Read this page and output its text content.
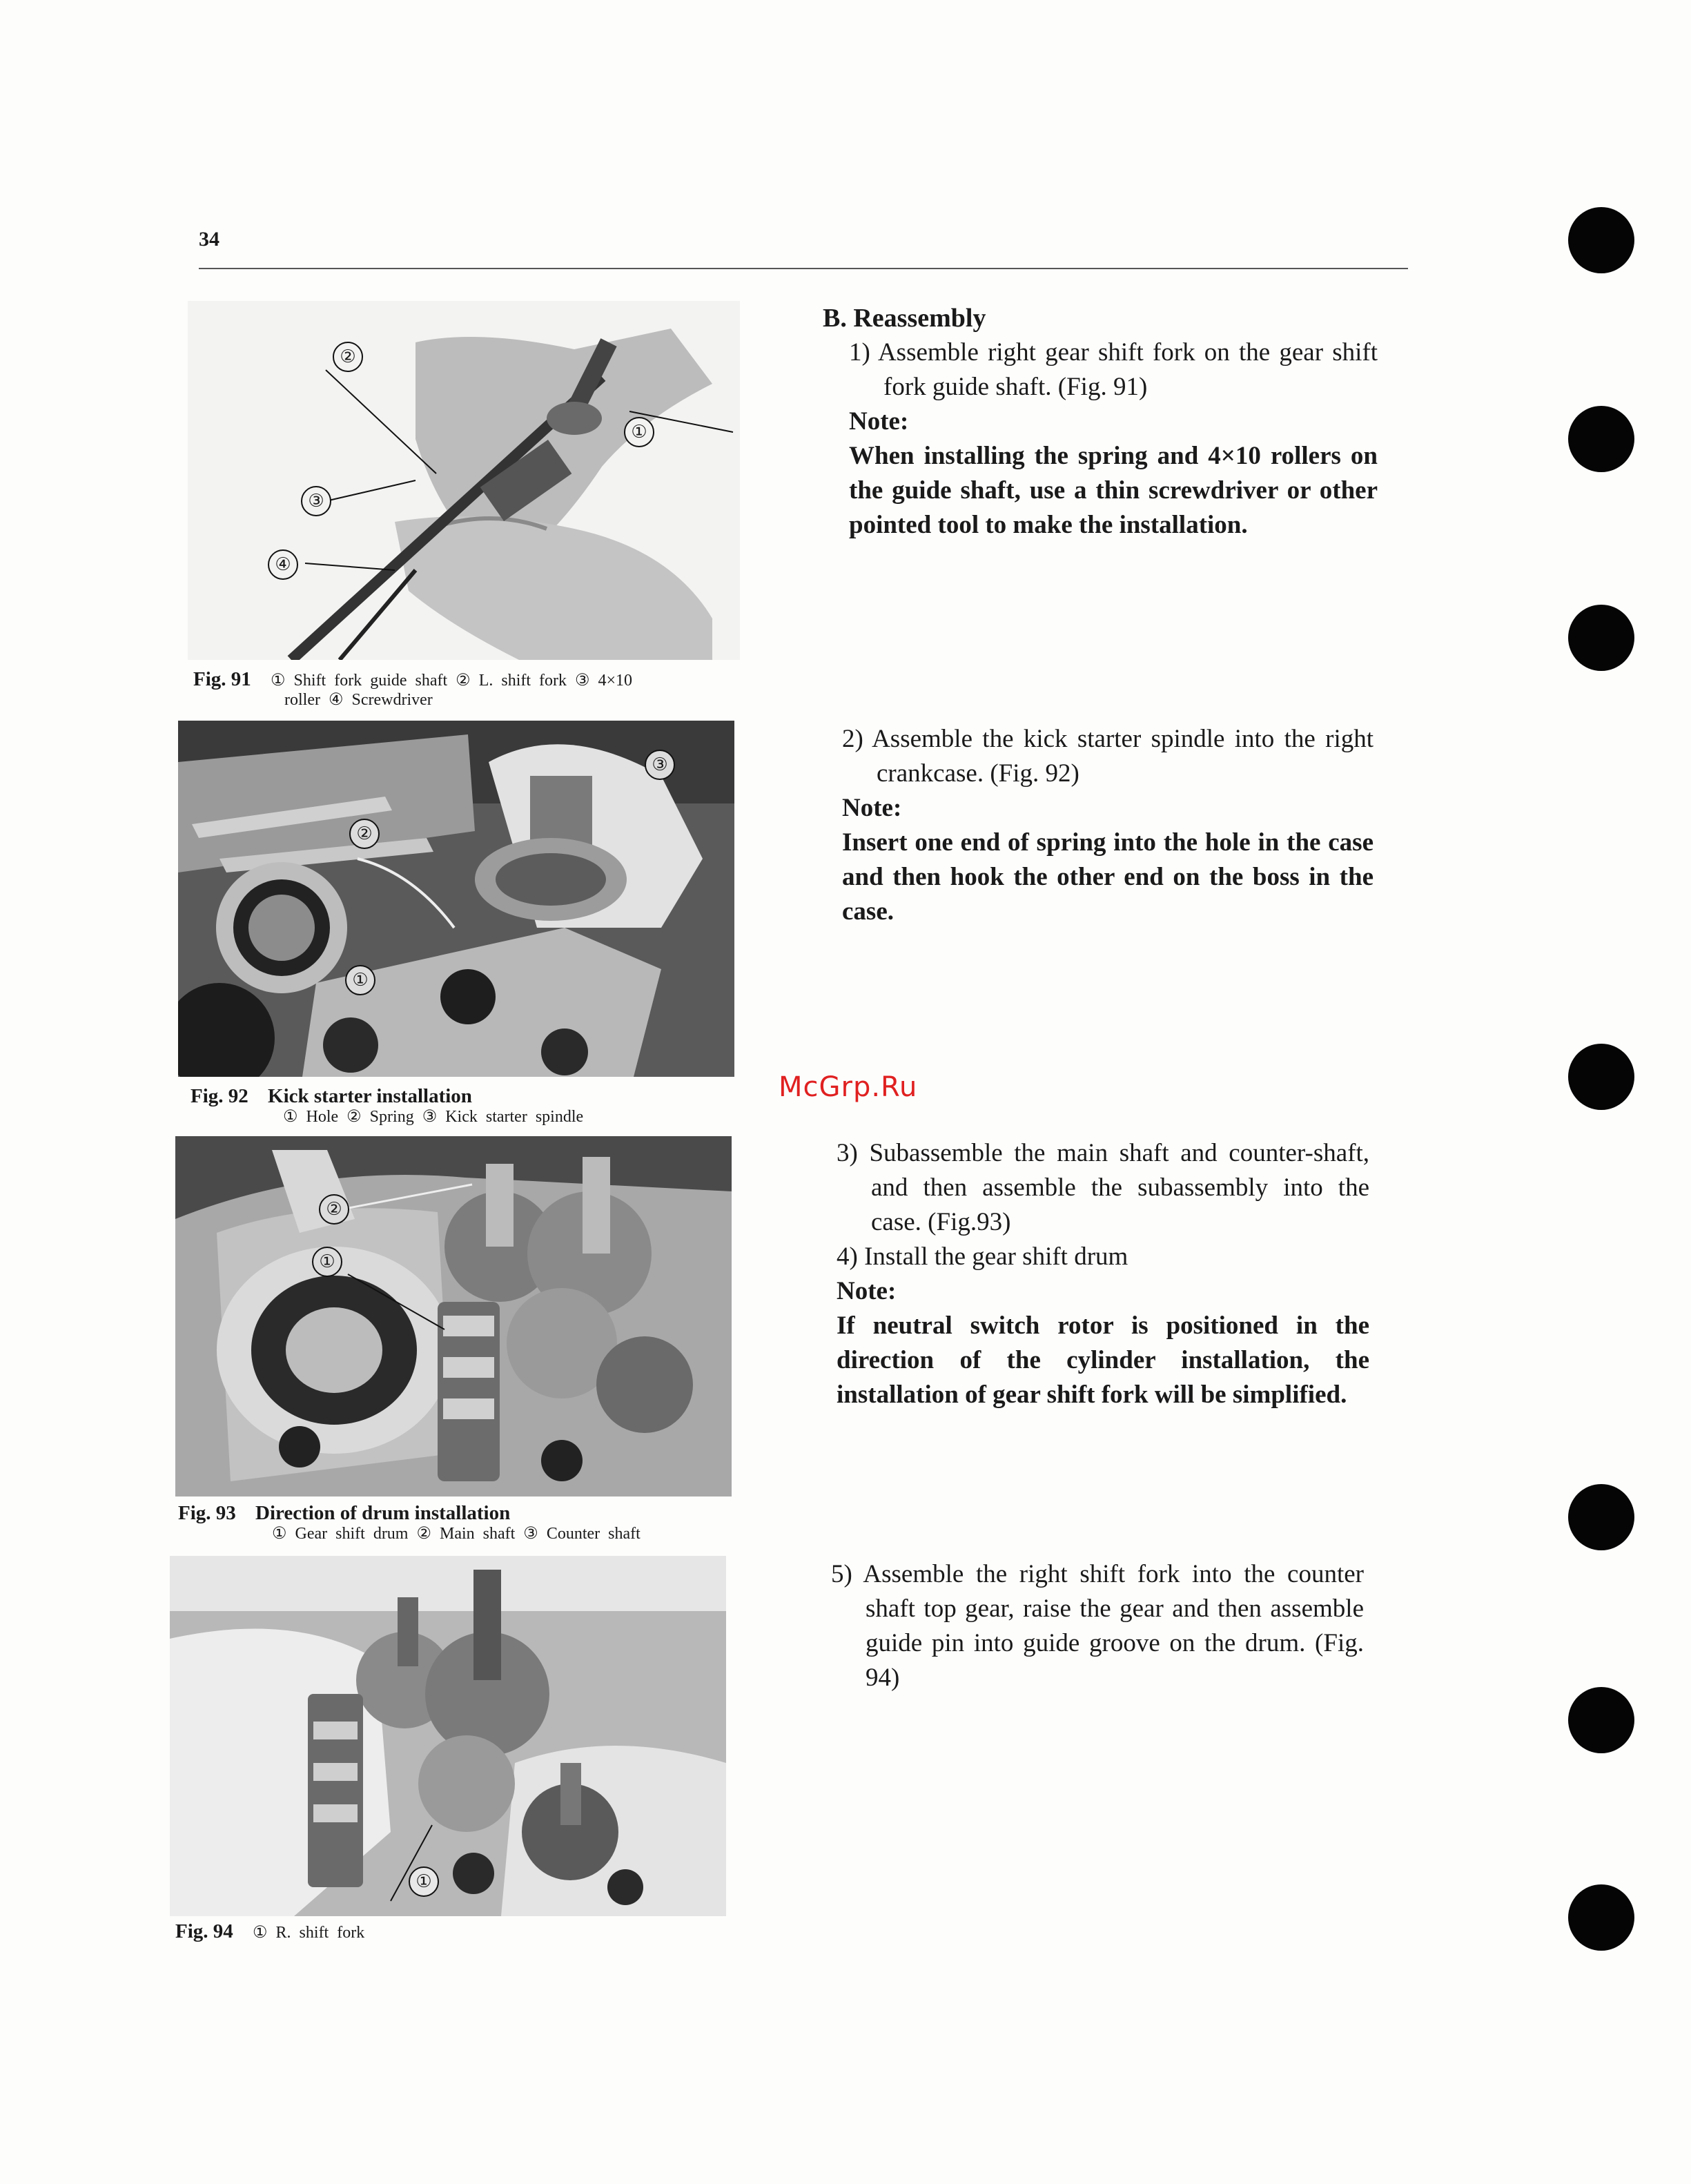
34
②
①
③
④
Fig. 91 ① Shift fork guide shaft ② L. shift fork ③ 4×10
roller ④ Screwdriver
③
②
①
Fig. 92 Kick starter installation
① Hole ② Spring ③ Kick starter spindle
②
①
Fig. 93 Direction of drum installation
① Gear shift drum ② Main shaft ③ Counter shaft
①
Fig. 94 ① R. shift fork
B. Reassembly
1) Assemble right gear shift fork on the gear shift fork guide shaft. (Fig. 91)
Note:
When installing the spring and 4×10 rollers on the guide shaft, use a thin screwdriver or other pointed tool to make the installation.
2) Assemble the kick starter spindle into the right crankcase. (Fig. 92)
Note:
Insert one end of spring into the hole in the case and then hook the other end on the boss in the case.
3) Subassemble the main shaft and counter-shaft, and then assemble the subassembly into the case. (Fig.93)
4) Install the gear shift drum
Note:
If neutral switch rotor is positioned in the direction of the cylinder installation, the installation of gear shift fork will be simplified.
5) Assemble the right shift fork into the counter shaft top gear, raise the gear and then assemble guide pin into guide groove on the drum. (Fig. 94)
McGrp.Ru
